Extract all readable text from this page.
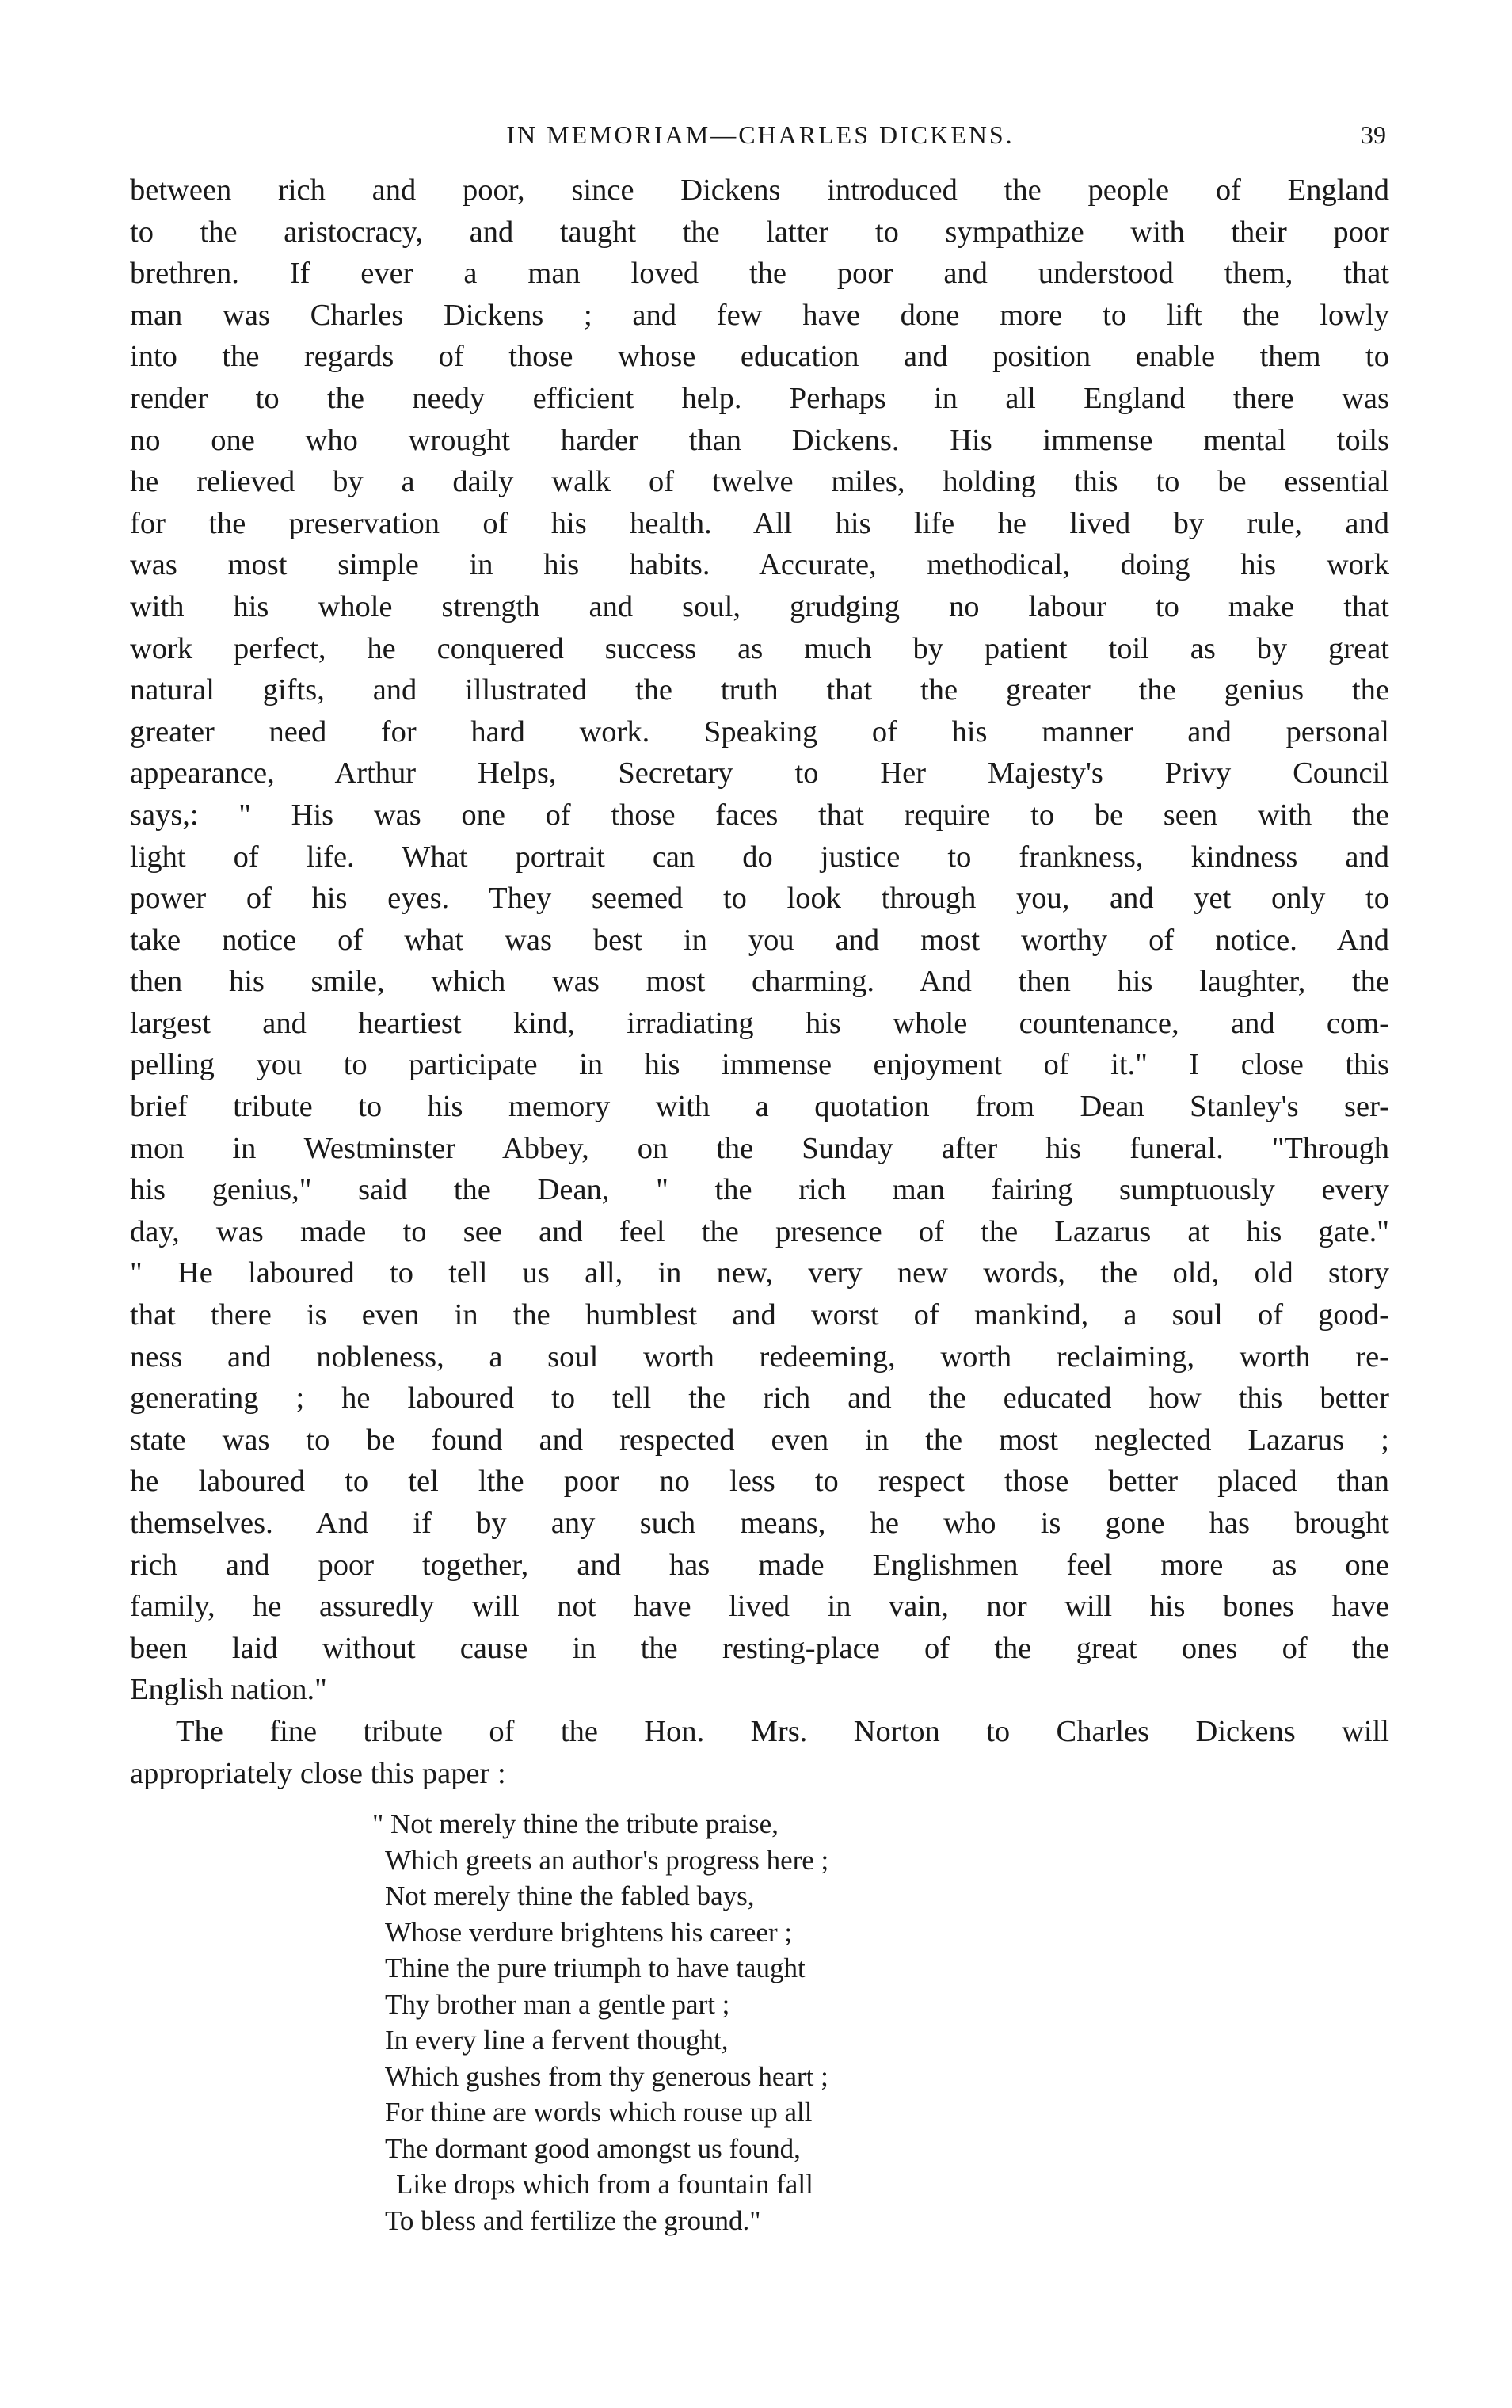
IN MEMORIAM—CHARLES DICKENS.	39
between rich and poor, since Dickens introduced the people of England
to the aristocracy, and taught the latter to sympathize with their poor
brethren. If ever a man loved the poor and understood them, that
man was Charles Dickens ; and few have done more to lift the lowly
into the regards of those whose education and position enable them to
render to the needy efficient help. Perhaps in all England there was
no one who wrought harder than Dickens. His immense mental toils
he relieved by a daily walk of twelve miles, holding this to be essential
for the preservation of his health. All his life he lived by rule, and
was most simple in his habits. Accurate, methodical, doing his work
with his whole strength and soul, grudging no labour to make that
work perfect, he conquered success as much by patient toil as by great
natural gifts, and illustrated the truth that the greater the genius the
greater need for hard work. Speaking of his manner and personal
appearance, Arthur Helps, Secretary to Her Majesty's Privy Council
says,: " His was one of those faces that require to be seen with the
light of life. What portrait can do justice to frankness, kindness and
power of his eyes. They seemed to look through you, and yet only to
take notice of what was best in you and most worthy of notice. And
then his smile, which was most charming. And then his laughter, the
largest and heartiest kind, irradiating his whole countenance, and com-
pelling you to participate in his immense enjoyment of it." I close this
brief tribute to his memory with a quotation from Dean Stanley's ser-
mon in Westminster Abbey, on the Sunday after his funeral. "Through
his genius," said the Dean, " the rich man fairing sumptuously every
day, was made to see and feel the presence of the Lazarus at his gate."
" He laboured to tell us all, in new, very new words, the old, old story
that there is even in the humblest and worst of mankind, a soul of good-
ness and nobleness, a soul worth redeeming, worth reclaiming, worth re-
generating ; he laboured to tell the rich and the educated how this better
state was to be found and respected even in the most neglected Lazarus ;
he laboured to tel lthe poor no less to respect those better placed than
themselves. And if by any such means, he who is gone has brought
rich and poor together, and has made Englishmen feel more as one
family, he assuredly will not have lived in vain, nor will his bones have
been laid without cause in the resting-place of the great ones of the
English nation."
The fine tribute of the Hon. Mrs. Norton to Charles Dickens will
appropriately close this paper :
" Not merely thine the tribute praise,
Which greets an author's progress here ;
Not merely thine the fabled bays,
Whose verdure brightens his career ;
Thine the pure triumph to have taught
Thy brother man a gentle part ;
In every line a fervent thought,
Which gushes from thy generous heart ;
For thine are words which rouse up all
The dormant good amongst us found,
Like drops which from a fountain fall
To bless and fertilize the ground."
